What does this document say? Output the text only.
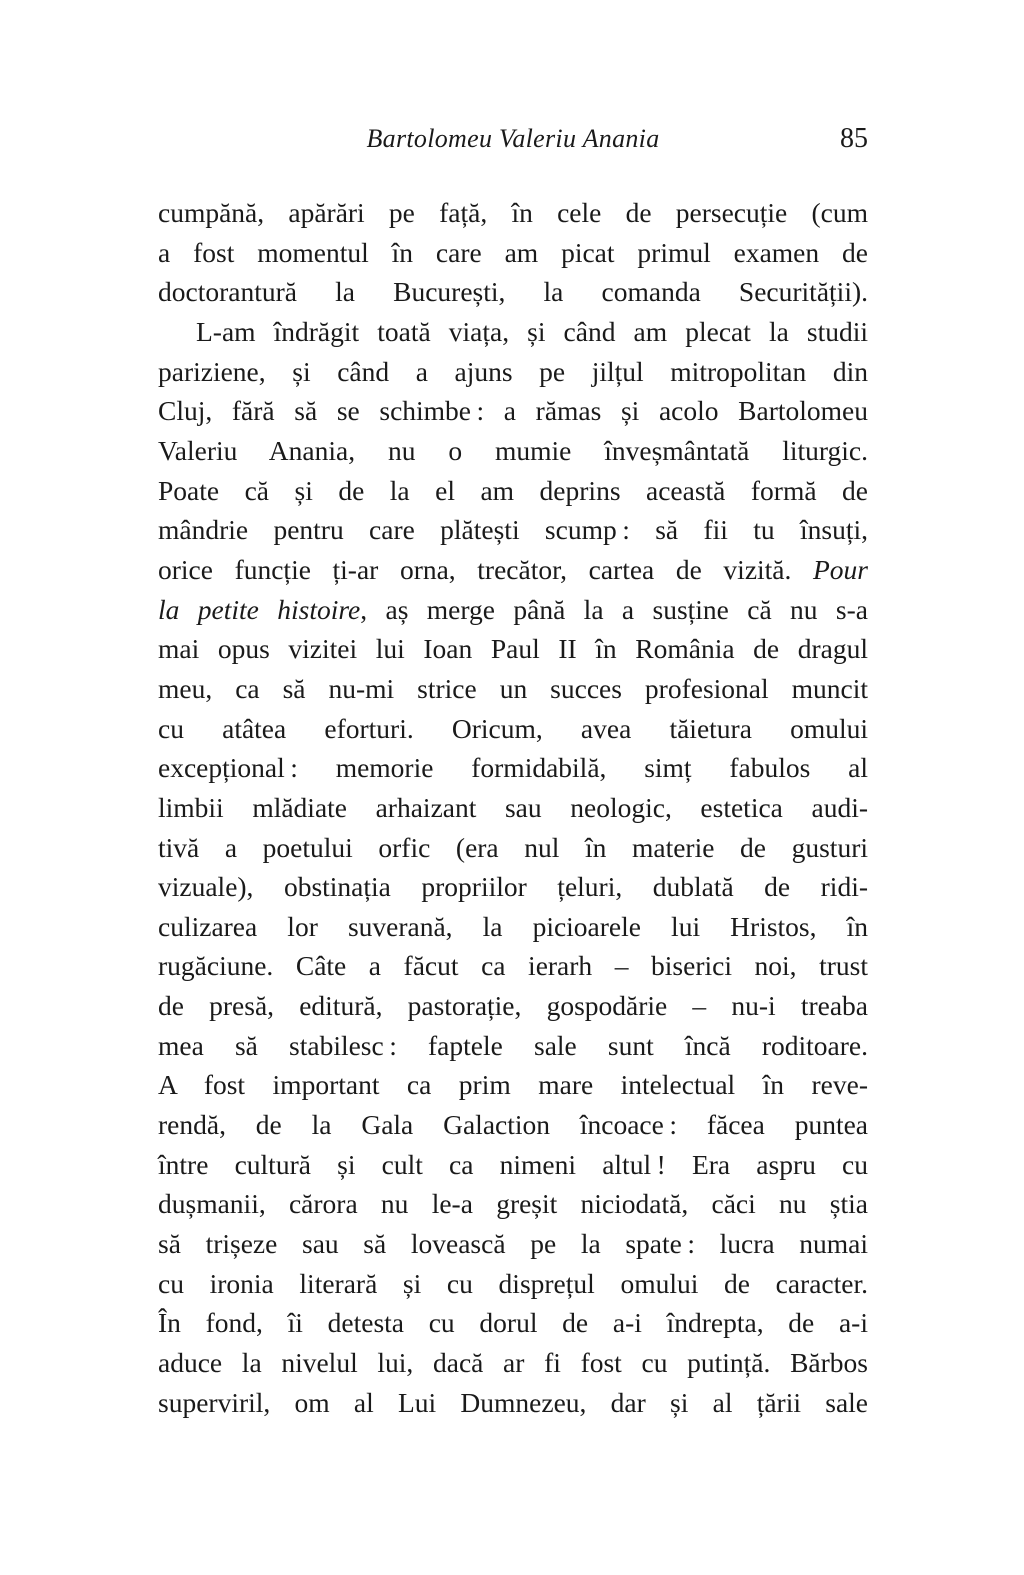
Bartolomeu Valeriu Anania	85
cumpănă, apărări pe față, în cele de persecuție (cum
a fost momentul în care am picat primul examen de
doctorantură la București, la comanda Securității).
L-am îndrăgit toată viața, și când am plecat la studii
pariziene, și când a ajuns pe jilțul mitropolitan din
Cluj, fără să se schimbe : a rămas și acolo Bartolomeu
Valeriu Anania, nu o mumie înveșmântată liturgic.
Poate că și de la el am deprins această formă de
mândrie pentru care plătești scump : să fii tu însuți,
orice funcție ți-ar orna, trecător, cartea de vizită. Pour
la petite histoire, aș merge până la a susține că nu s-a
mai opus vizitei lui Ioan Paul II în România de dragul
meu, ca să nu-mi strice un succes profesional muncit
cu atâtea eforturi. Oricum, avea tăietura omului
excepțional : memorie formidabilă, simț fabulos al
limbii mlădiate arhaizant sau neologic, estetica audi-
tivă a poetului orfic (era nul în materie de gusturi
vizuale), obstinația propriilor țeluri, dublată de ridi-
culizarea lor suverană, la picioarele lui Hristos, în
rugăciune. Câte a făcut ca ierarh – biserici noi, trust
de presă, editură, pastorație, gospodărie – nu-i treaba
mea să stabilesc : faptele sale sunt încă roditoare.
A fost important ca prim mare intelectual în reve-
rendă, de la Gala Galaction încoace : făcea puntea
între cultură și cult ca nimeni altul ! Era aspru cu
dușmanii, cărora nu le-a greșit niciodată, căci nu știa
să trișeze sau să lovească pe la spate : lucra numai
cu ironia literară și cu disprețul omului de caracter.
În fond, îi detesta cu dorul de a-i îndrepta, de a-i
aduce la nivelul lui, dacă ar fi fost cu putință. Bărbos
superviril, om al Lui Dumnezeu, dar și al țării sale
